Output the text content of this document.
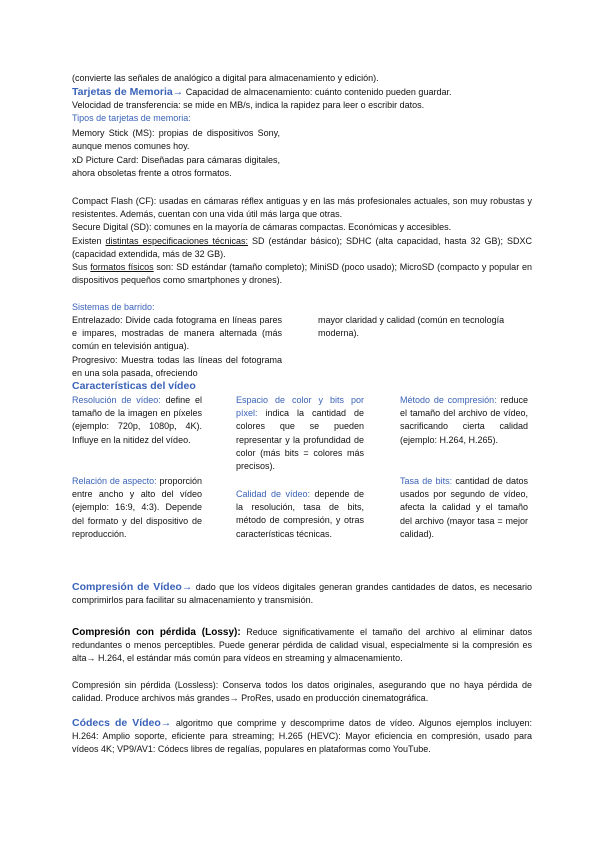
(convierte las señales de analógico a digital para almacenamiento y edición).

Tarjetas de Memoria→ Capacidad de almacenamiento: cuánto contenido pueden guardar.

Velocidad de transferencia: se mide en MB/s, indica la rapidez para leer o escribir datos.

Tipos de tarjetas de memoria:

Memory Stick (MS): propias de dispositivos Sony, aunque menos comunes hoy.
xD Picture Card: Diseñadas para cámaras digitales, ahora obsoletas frente a otros formatos.

Compact Flash (CF): usadas en cámaras réflex antiguas y en las más profesionales actuales, son muy robustas y resistentes. Además, cuentan con una vida útil más larga que otras.

Secure Digital (SD): comunes en la mayoría de cámaras compactas. Económicas y accesibles.

Existen distintas especificaciones técnicas: SD (estándar básico); SDHC (alta capacidad, hasta 32 GB); SDXC (capacidad extendida, más de 32 GB).

Sus formatos físicos son: SD estándar (tamaño completo); MiniSD (poco usado); MicroSD (compacto y popular en dispositivos pequeños como smartphones y drones).

Sistemas de barrido:

Entrelazado: Divide cada fotograma en líneas pares e impares, mostradas de manera alternada (más común en televisión antigua).

Progresivo: Muestra todas las líneas del fotograma en una sola pasada, ofreciendo

mayor claridad y calidad (común en tecnología moderna).
Características del vídeo
Resolución de vídeo: define el tamaño de la imagen en píxeles (ejemplo: 720p, 1080p, 4K). Influye en la nitidez del vídeo.
Espacio de color y bits por píxel: indica la cantidad de colores que se pueden representar y la profundidad de color (más bits = colores más precisos).
Método de compresión: reduce el tamaño del archivo de vídeo, sacrificando cierta calidad (ejemplo: H.264, H.265).
Relación de aspecto: proporción entre ancho y alto del vídeo (ejemplo: 16:9, 4:3). Depende del formato y del dispositivo de reproducción.
Calidad de vídeo: depende de la resolución, tasa de bits, método de compresión, y otras características técnicas.
Tasa de bits: cantidad de datos usados por segundo de vídeo, afecta la calidad y el tamaño del archivo (mayor tasa = mejor calidad).
Compresión de Vídeo→ dado que los vídeos digitales generan grandes cantidades de datos, es necesario comprimirlos para facilitar su almacenamiento y transmisión.
Compresión con pérdida (Lossy): Reduce significativamente el tamaño del archivo al eliminar datos redundantes o menos perceptibles. Puede generar pérdida de calidad visual, especialmente si la compresión es alta→ H.264, el estándar más común para vídeos en streaming y almacenamiento.
Compresión sin pérdida (Lossless): Conserva todos los datos originales, asegurando que no haya pérdida de calidad. Produce archivos más grandes→ ProRes, usado en producción cinematográfica.
Códecs de Vídeo→ algoritmo que comprime y descomprime datos de vídeo. Algunos ejemplos incluyen: H.264: Amplio soporte, eficiente para streaming; H.265 (HEVC): Mayor eficiencia en compresión, usado para vídeos 4K; VP9/AV1: Códecs libres de regalías, populares en plataformas como YouTube.
